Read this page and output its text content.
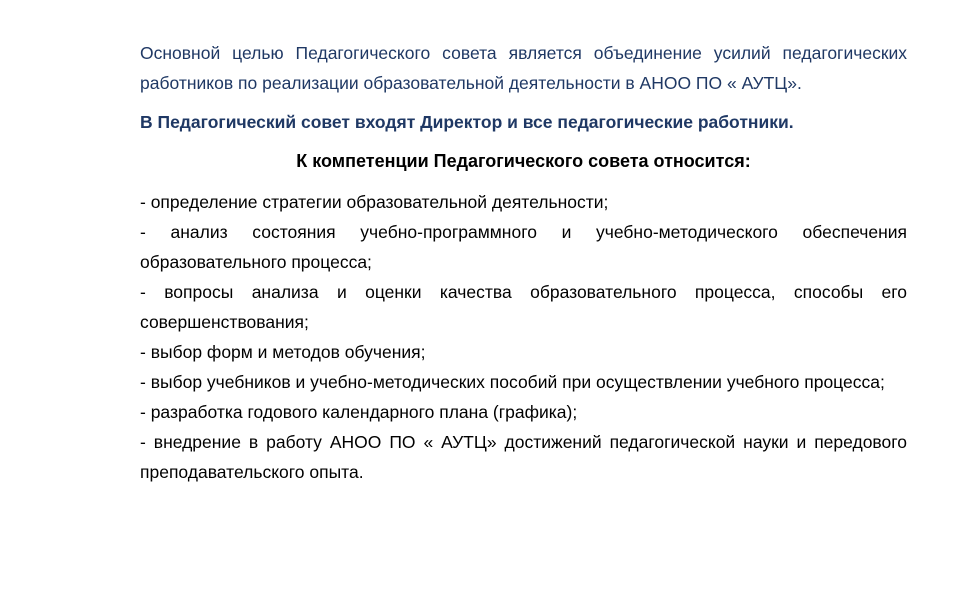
Основной целью Педагогического совета является объединение усилий педагогических работников по реализации образовательной деятельности в АНОО ПО « АУТЦ».

В Педагогический совет входят Директор и все педагогические работники.

К компетенции Педагогического совета относится:

- определение стратегии образовательной деятельности;
- анализ состояния учебно-программного и учебно-методического обеспечения образовательного процесса;
- вопросы анализа и оценки качества образовательного процесса, способы его совершенствования;
- выбор форм и методов обучения;
- выбор учебников и учебно-методических пособий при осуществлении учебного процесса;
- разработка годового календарного плана (графика);
- внедрение в работу АНОО ПО « АУТЦ» достижений педагогической науки и передового преподавательского опыта.
